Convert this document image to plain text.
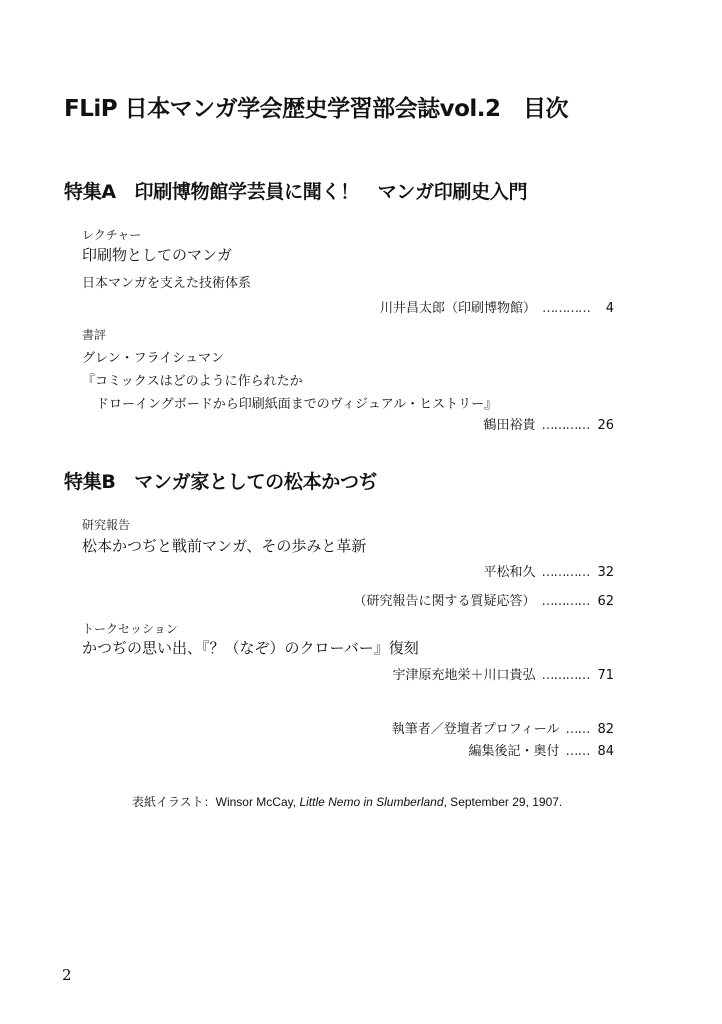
FLiP 日本マンガ学会歴史学習部会誌vol.2　目次
特集A　印刷博物館学芸員に聞く！　マンガ印刷史入門
レクチャー
印刷物としてのマンガ
日本マンガを支えた技術体系
川井昌太郎（印刷博物館） ………… 4
書評
グレン・フライシュマン
『コミックスはどのように作られたか
ドローイングボードから印刷紙面までのヴィジュアル・ヒストリー』
鶴田裕貴 ………… 26
特集B　マンガ家としての松本かつぢ
研究報告
松本かつぢと戦前マンガ、その歩みと革新
平松和久 ………… 32
（研究報告に関する質疑応答） ………… 62
トークセッション
かつぢの思い出、『？（なぞ）のクローバー』復刻
宇津原充地栄＋川口貴弘 ………… 71
執筆者／登壇者プロフィール …… 82
編集後記・奥付 …… 84
表紙イラスト：Winsor McCay, Little Nemo in Slumberland, September 29, 1907.
2
